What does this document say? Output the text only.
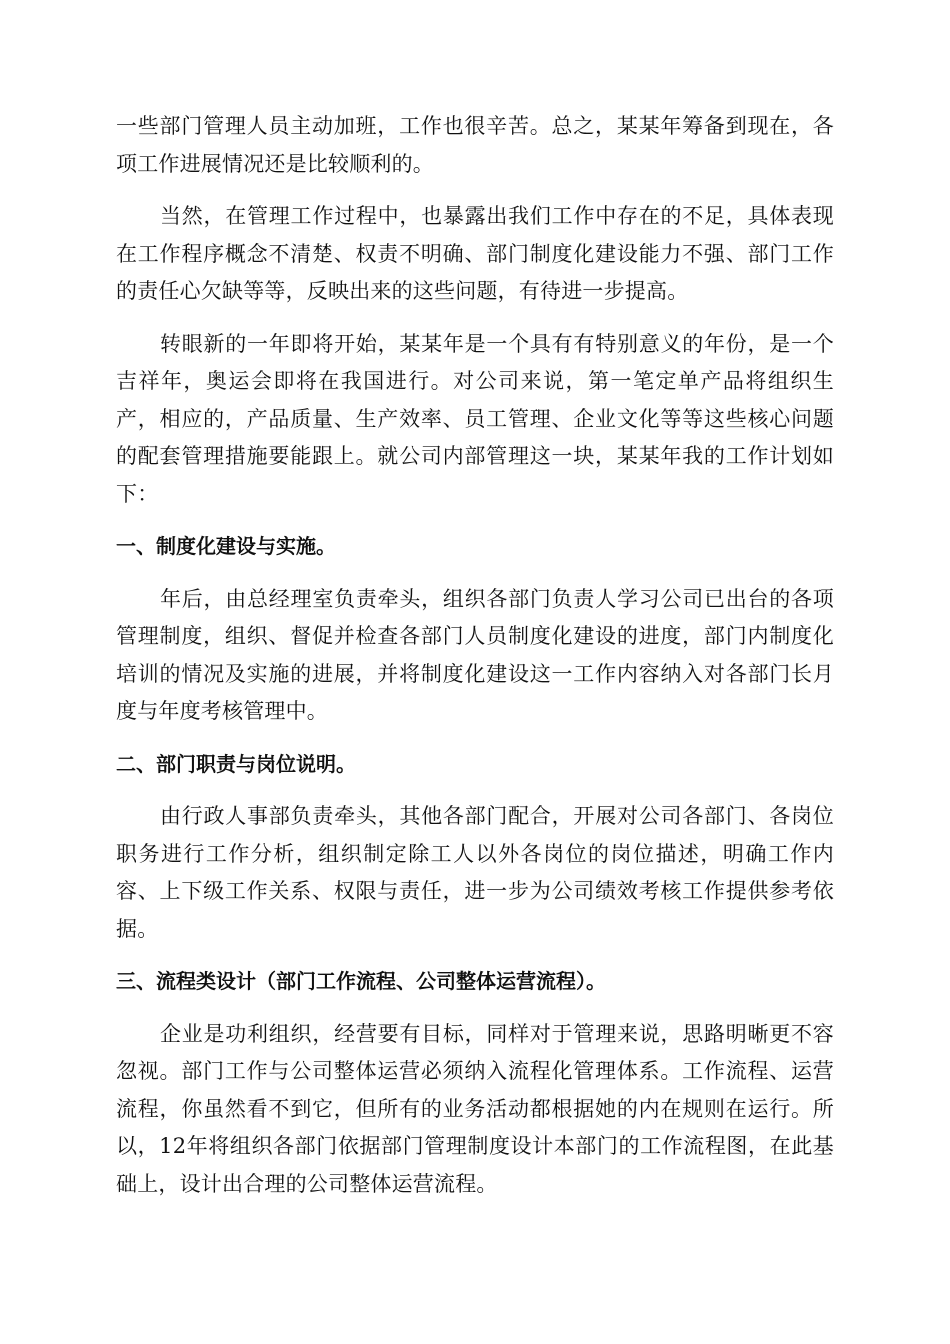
一些部门管理人员主动加班，工作也很辛苦。总之，某某年筹备到现在，各项工作进展情况还是比较顺利的。

当然，在管理工作过程中，也暴露出我们工作中存在的不足，具体表现在工作程序概念不清楚、权责不明确、部门制度化建设能力不强、部门工作的责任心欠缺等等，反映出来的这些问题，有待进一步提高。

转眼新的一年即将开始，某某年是一个具有有特别意义的年份，是一个吉祥年，奥运会即将在我国进行。对公司来说，第一笔定单产品将组织生产，相应的，产品质量、生产效率、员工管理、企业文化等等这些核心问题的配套管理措施要能跟上。就公司内部管理这一块，某某年我的工作计划如下：

一、制度化建设与实施。

年后，由总经理室负责牵头，组织各部门负责人学习公司已出台的各项管理制度，组织、督促并检查各部门人员制度化建设的进度，部门内制度化培训的情况及实施的进展，并将制度化建设这一工作内容纳入对各部门长月度与年度考核管理中。

二、部门职责与岗位说明。

由行政人事部负责牵头，其他各部门配合，开展对公司各部门、各岗位职务进行工作分析，组织制定除工人以外各岗位的岗位描述，明确工作内容、上下级工作关系、权限与责任，进一步为公司绩效考核工作提供参考依据。

三、流程类设计（部门工作流程、公司整体运营流程）。

企业是功利组织，经营要有目标，同样对于管理来说，思路明晰更不容忽视。部门工作与公司整体运营必须纳入流程化管理体系。工作流程、运营流程，你虽然看不到它，但所有的业务活动都根据她的内在规则在运行。所以，12年将组织各部门依据部门管理制度设计本部门的工作流程图，在此基础上，设计出合理的公司整体运营流程。
